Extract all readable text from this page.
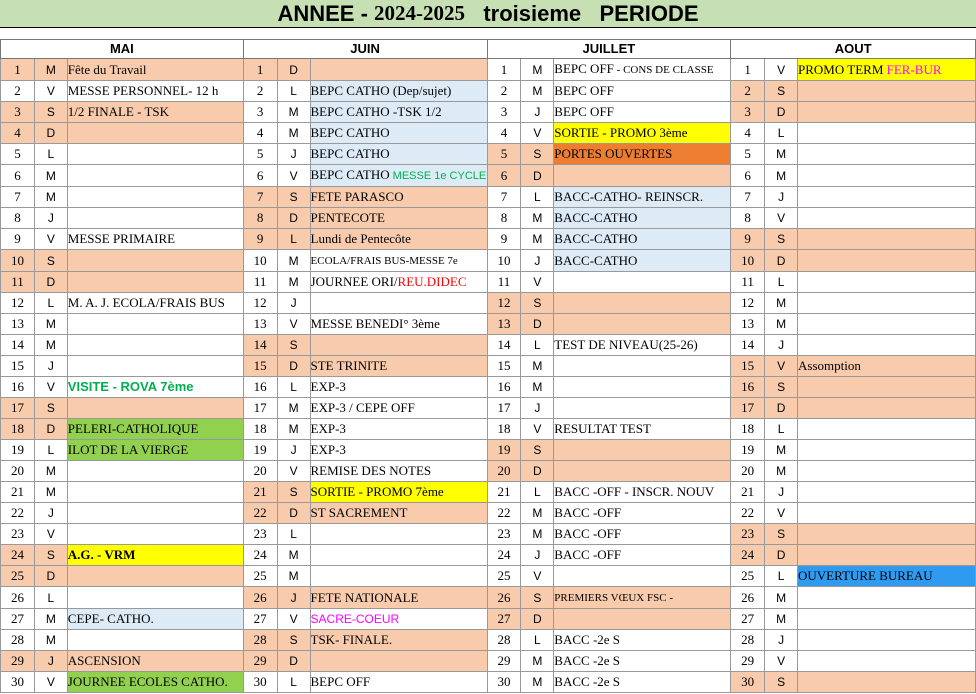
ANNEE - 2024-2025 troisieme   PERIODE
MAI			JUIN			JUILLET			AOUT		
1	M	Fête du Travail	1	D		1	M	BEPC OFF - CONS DE CLASSE	1	V	PROMO TERM FER-BUR
2	V	MESSE PERSONNEL- 12 h	2	L	BEPC CATHO (Dep/sujet)	2	M	BEPC OFF	2	S	
3	S	1/2 FINALE - TSK	3	M	BEPC CATHO -TSK 1/2	3	J	BEPC OFF	3	D	
4	D		4	M	BEPC CATHO	4	V	SORTIE - PROMO 3ème	4	L	
5	L		5	J	BEPC CATHO	5	S	PORTES OUVERTES	5	M	
6	M		6	V	BEPC CATHO MESSE 1e CYCLE	6	D		6	M	
7	M		7	S	FETE PARASCO	7	L	BACC-CATHO- REINSCR.	7	J	
8	J		8	D	PENTECOTE	8	M	BACC-CATHO	8	V	
9	V	MESSE PRIMAIRE	9	L	Lundi de Pentecôte	9	M	BACC-CATHO	9	S	
10	S		10	M	ECOLA/FRAIS BUS-MESSE 7e	10	J	BACC-CATHO	10	D	
11	D		11	M	JOURNEE ORI/REU.DIDEC	11	V		11	L	
12	L	M. A. J. ECOLA/FRAIS BUS	12	J		12	S		12	M	
13	M		13	V	MESSE BENEDI° 3ème	13	D		13	M	
14	M		14	S		14	L	TEST DE NIVEAU(25-26)	14	J	
15	J		15	D	STE TRINITE	15	M		15	V	Assomption
16	V	VISITE - ROVA 7ème	16	L	EXP-3	16	M		16	S	
17	S		17	M	EXP-3 / CEPE OFF	17	J		17	D	
18	D	PELERI-CATHOLIQUE	18	M	EXP-3	18	V	RESULTAT TEST	18	L	
19	L	ILOT DE LA VIERGE	19	J	EXP-3	19	S		19	M	
20	M		20	V	REMISE DES NOTES	20	D		20	M	
21	M		21	S	SORTIE - PROMO 7ème	21	L	BACC -OFF - INSCR. NOUV	21	J	
22	J		22	D	ST SACREMENT	22	M	BACC -OFF	22	V	
23	V		23	L		23	M	BACC -OFF	23	S	
24	S	A.G. - VRM	24	M		24	J	BACC -OFF	24	D	
25	D		25	M		25	V		25	L	OUVERTURE BUREAU
26	L		26	J	FETE NATIONALE	26	S	PREMIERS VŒUX FSC -	26	M	
27	M	CEPE- CATHO.	27	V	SACRE-COEUR	27	D		27	M	
28	M		28	S	TSK- FINALE.	28	L	BACC -2e S	28	J	
29	J	ASCENSION	29	D		29	M	BACC -2e S	29	V	
30	V	JOURNEE ECOLES CATHO.	30	L	BEPC OFF	30	M	BACC -2e S	30	S	
